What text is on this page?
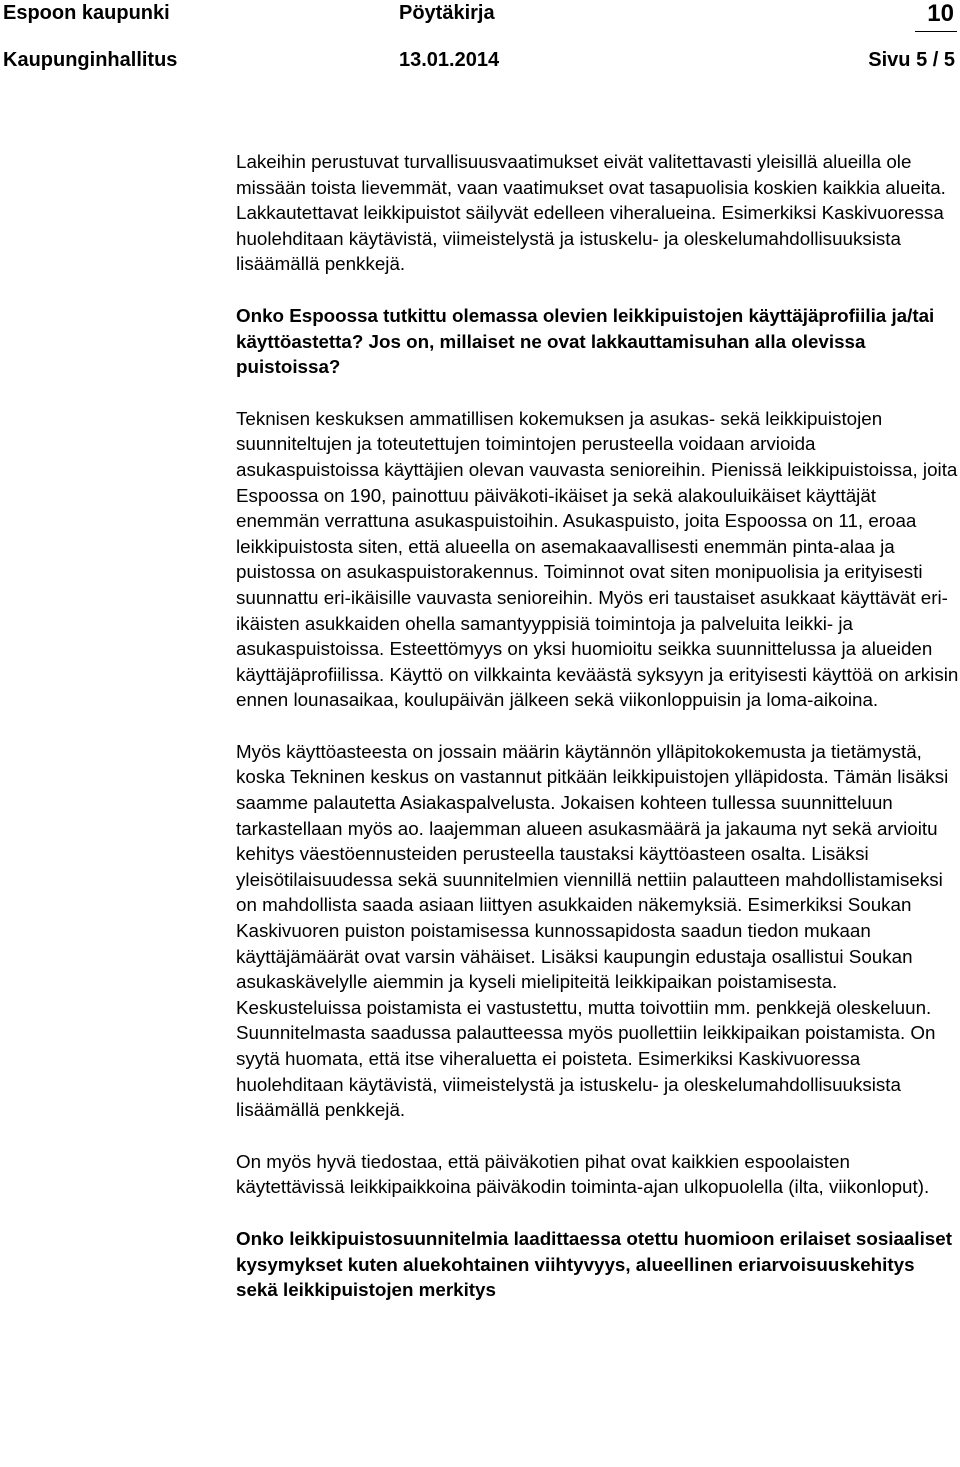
Espoon kaupunki	Pöytäkirja	10
Kaupunginhallitus	13.01.2014	Sivu 5 / 5

Lakeihin perustuvat turvallisuusvaatimukset eivät valitettavasti yleisillä alueilla ole missään toista lievemmät, vaan vaatimukset ovat tasapuolisia koskien kaikkia alueita. Lakkautettavat leikkipuistot säilyvät edelleen viheralueina. Esimerkiksi Kaskivuoressa huolehditaan käytävistä, viimeistelystä ja istuskelu- ja oleskelumahdollisuuksista lisäämällä penkkejä.

Onko Espoossa tutkittu olemassa olevien leikkipuistojen käyttäjäprofiilia ja/tai käyttöastetta? Jos on, millaiset ne ovat lakkauttamisuhan alla olevissa puistoissa?

Teknisen keskuksen ammatillisen kokemuksen ja asukas- sekä leikkipuistojen suunniteltujen ja toteutettujen toimintojen perusteella voidaan arvioida asukaspuistoissa käyttäjien olevan vauvasta senioreihin. Pienissä leikkipuistoissa, joita Espoossa on 190, painottuu päiväkoti-ikäiset ja sekä alakouluikäiset käyttäjät enemmän verrattuna asukaspuistoihin. Asukaspuisto, joita Espoossa on 11, eroaa leikkipuistosta siten, että alueella on asemakaavallisesti enemmän pinta-alaa ja puistossa on asukaspuistorakennus. Toiminnot ovat siten monipuolisia ja erityisesti suunnattu eri-ikäisille vauvasta senioreihin. Myös eri taustaiset asukkaat käyttävät eri-ikäisten asukkaiden ohella samantyyppisiä toimintoja ja palveluita leikki- ja asukaspuistoissa. Esteettömyys on yksi huomioitu seikka suunnittelussa ja alueiden käyttäjäprofiilissa. Käyttö on vilkkainta keväästä syksyyn ja erityisesti käyttöä on arkisin ennen lounasaikaa, koulupäivän jälkeen sekä viikonloppuisin ja loma-aikoina.

Myös käyttöasteesta on jossain määrin käytännön ylläpitokokemusta ja tietämystä, koska Tekninen keskus on vastannut pitkään leikkipuistojen ylläpidosta. Tämän lisäksi saamme palautetta Asiakaspalvelusta. Jokaisen kohteen tullessa suunnitteluun tarkastellaan myös ao. laajemman alueen asukasmäärä ja jakauma nyt sekä arvioitu kehitys väestöennusteiden perusteella taustaksi käyttöasteen osalta. Lisäksi yleisötilaisuudessa sekä suunnitelmien viennillä nettiin palautteen mahdollistamiseksi on mahdollista saada asiaan liittyen asukkaiden näkemyksiä. Esimerkiksi Soukan Kaskivuoren puiston poistamisessa kunnossapidosta saadun tiedon mukaan käyttäjämäärät ovat varsin vähäiset. Lisäksi kaupungin edustaja osallistui Soukan asukaskävelylle aiemmin ja kyseli mielipiteitä leikkipaikan poistamisesta. Keskusteluissa poistamista ei vastustettu, mutta toivottiin mm. penkkejä oleskeluun. Suunnitelmasta saadussa palautteessa myös puollettiin leikkipaikan poistamista. On syytä huomata, että itse viheraluetta ei poisteta. Esimerkiksi Kaskivuoressa huolehditaan käytävistä, viimeistelystä ja istuskelu- ja oleskelumahdollisuuksista lisäämällä penkkejä.

On myös hyvä tiedostaa, että päiväkotien pihat ovat kaikkien espoolaisten käytettävissä leikkipaikkoina päiväkodin toiminta-ajan ulkopuolella (ilta, viikonloput).

Onko leikkipuistosuunnitelmia laadittaessa otettu huomioon erilaiset sosiaaliset kysymykset kuten aluekohtainen viihtyvyys, alueellinen eriarvoisuuskehitys sekä leikkipuistojen merkitys
